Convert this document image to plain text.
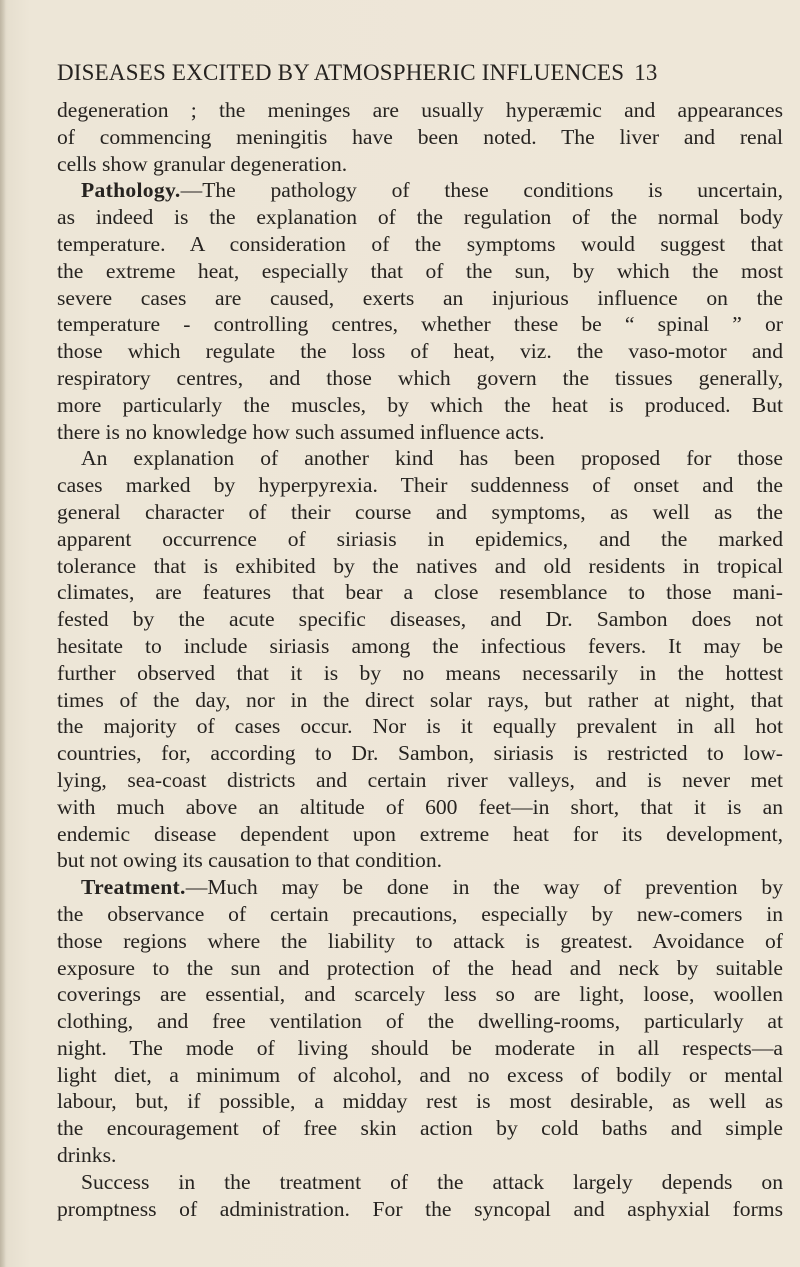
DISEASES EXCITED BY ATMOSPHERIC INFLUENCES 13
degeneration ; the meninges are usually hyperæmic and appearances
of commencing meningitis have been noted. The liver and renal
cells show granular degeneration.
Pathology.—The pathology of these conditions is uncertain,
as indeed is the explanation of the regulation of the normal body
temperature. A consideration of the symptoms would suggest that
the extreme heat, especially that of the sun, by which the most
severe cases are caused, exerts an injurious influence on the
temperature - controlling centres, whether these be “ spinal ” or
those which regulate the loss of heat, viz. the vaso-motor and
respiratory centres, and those which govern the tissues generally,
more particularly the muscles, by which the heat is produced. But
there is no knowledge how such assumed influence acts.
An explanation of another kind has been proposed for those
cases marked by hyperpyrexia. Their suddenness of onset and the
general character of their course and symptoms, as well as the
apparent occurrence of siriasis in epidemics, and the marked
tolerance that is exhibited by the natives and old residents in tropical
climates, are features that bear a close resemblance to those mani-
fested by the acute specific diseases, and Dr. Sambon does not
hesitate to include siriasis among the infectious fevers. It may be
further observed that it is by no means necessarily in the hottest
times of the day, nor in the direct solar rays, but rather at night, that
the majority of cases occur. Nor is it equally prevalent in all hot
countries, for, according to Dr. Sambon, siriasis is restricted to low-
lying, sea-coast districts and certain river valleys, and is never met
with much above an altitude of 600 feet—in short, that it is an
endemic disease dependent upon extreme heat for its development,
but not owing its causation to that condition.
Treatment.—Much may be done in the way of prevention by
the observance of certain precautions, especially by new-comers in
those regions where the liability to attack is greatest. Avoidance of
exposure to the sun and protection of the head and neck by suitable
coverings are essential, and scarcely less so are light, loose, woollen
clothing, and free ventilation of the dwelling-rooms, particularly at
night. The mode of living should be moderate in all respects—a
light diet, a minimum of alcohol, and no excess of bodily or mental
labour, but, if possible, a midday rest is most desirable, as well as
the encouragement of free skin action by cold baths and simple
drinks.
Success in the treatment of the attack largely depends on
promptness of administration. For the syncopal and asphyxial forms
